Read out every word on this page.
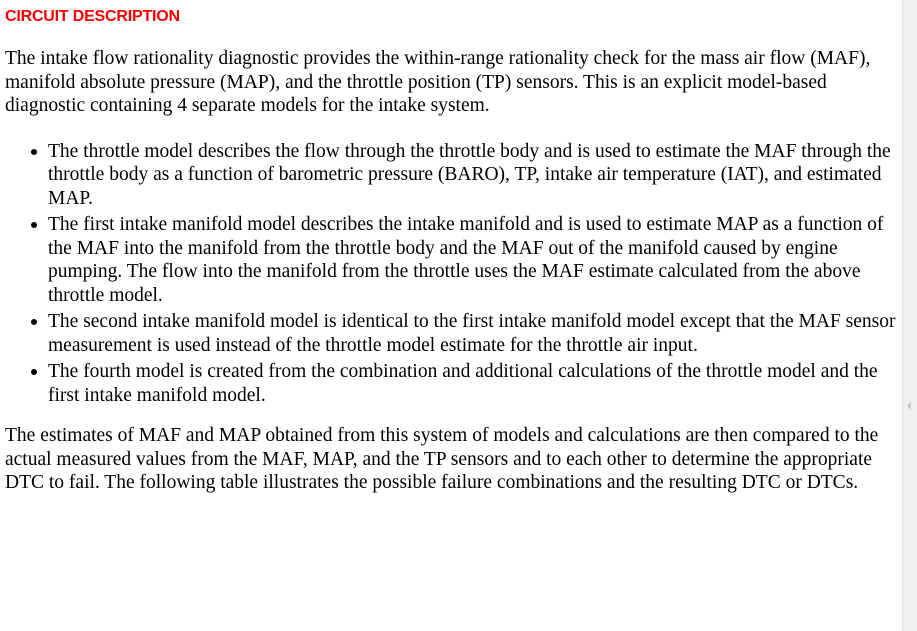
CIRCUIT DESCRIPTION

The intake flow rationality diagnostic provides the within-range rationality check for the mass air flow (MAF), manifold absolute pressure (MAP), and the throttle position (TP) sensors. This is an explicit model-based diagnostic containing 4 separate models for the intake system.

The throttle model describes the flow through the throttle body and is used to estimate the MAF through the throttle body as a function of barometric pressure (BARO), TP, intake air temperature (IAT), and estimated MAP.
The first intake manifold model describes the intake manifold and is used to estimate MAP as a function of the MAF into the manifold from the throttle body and the MAF out of the manifold caused by engine pumping. The flow into the manifold from the throttle uses the MAF estimate calculated from the above throttle model.
The second intake manifold model is identical to the first intake manifold model except that the MAF sensor measurement is used instead of the throttle model estimate for the throttle air input.
The fourth model is created from the combination and additional calculations of the throttle model and the first intake manifold model.

The estimates of MAF and MAP obtained from this system of models and calculations are then compared to the actual measured values from the MAF, MAP, and the TP sensors and to each other to determine the appropriate DTC to fail. The following table illustrates the possible failure combinations and the resulting DTC or DTCs.
